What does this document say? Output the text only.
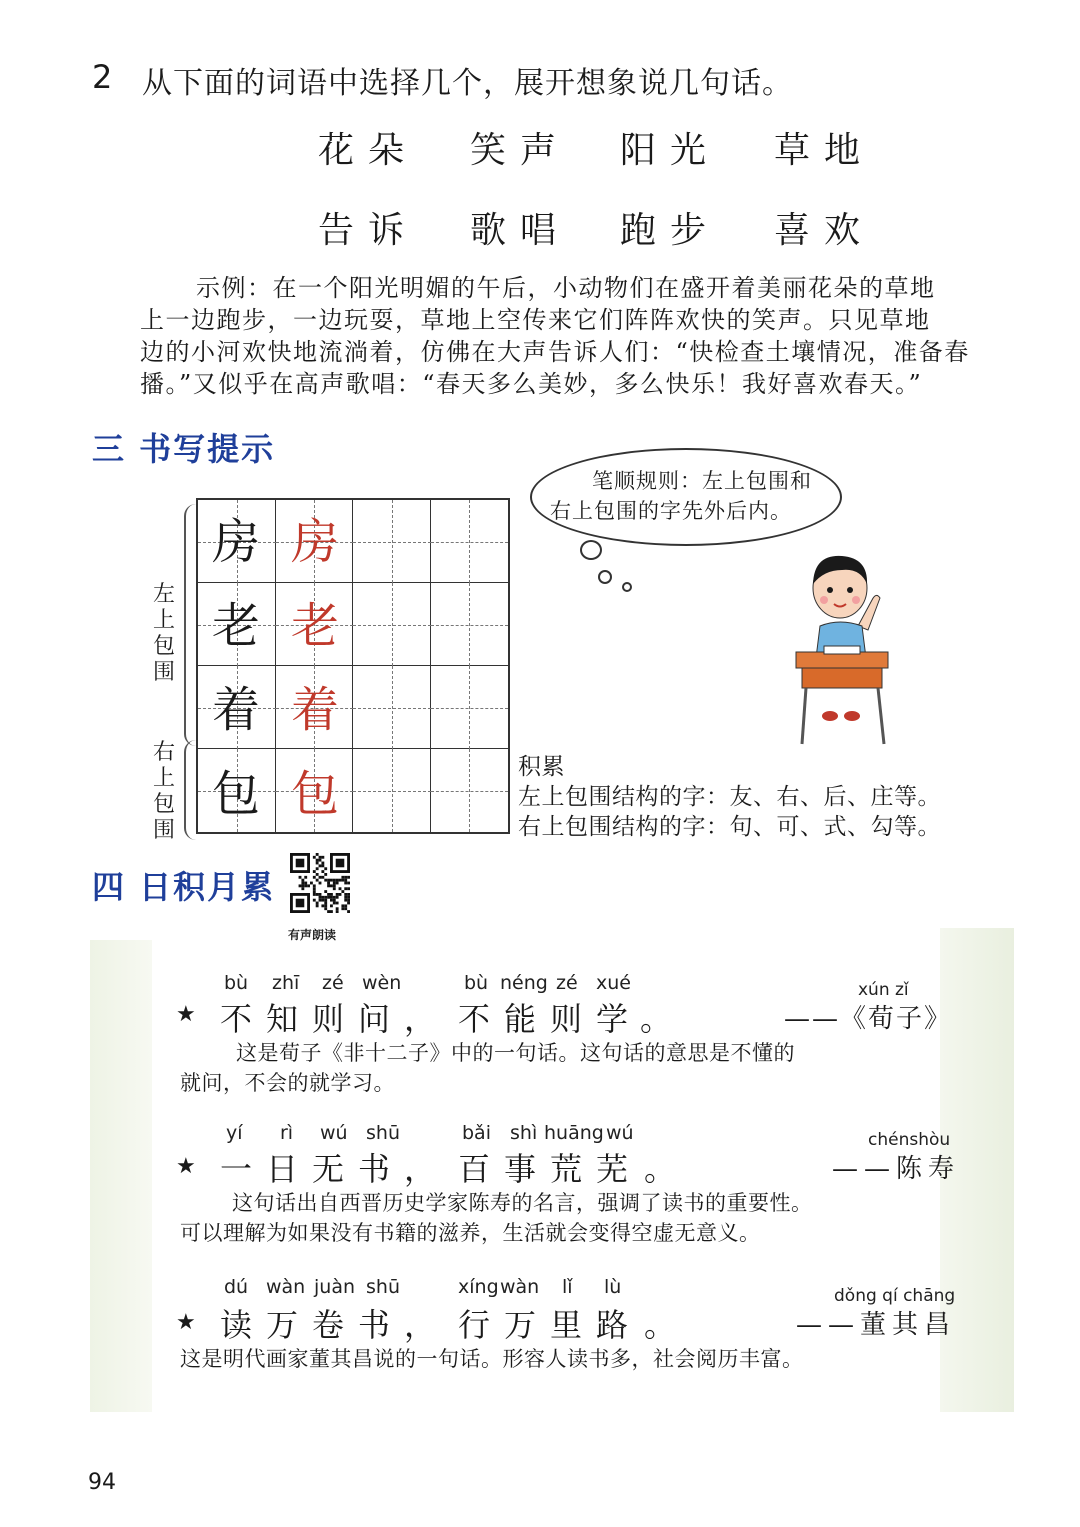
2 从下面的词语中选择几个，展开想象说几句话。
花朵 笑声 阳光 草地
告诉 歌唱 跑步 喜欢
示例：在一个阳光明媚的午后，小动物们在盛开着美丽花朵的草地
上一边跑步，一边玩耍，草地上空传来它们阵阵欢快的笑声。只见草地
边的小河欢快地流淌着，仿佛在大声告诉人们：“快检查土壤情况，准备春
播。”又似乎在高声歌唱：“春天多么美妙，多么快乐！我好喜欢春天。”
三 书写提示
左上包围
右上包围
房 房
老 老
着 着
包 包
笔顺规则：左上包围和
右上包围的字先外后内。
积累
左上包围结构的字：友、右、后、庄等。
右上包围结构的字：句、可、式、勾等。
四 日积月累
有声朗读
bù zhī zé wèn	bù néng zé xué	xún zǐ
★ 不知则问 ， 不能则学
。	——《荀子》
这是荀子《非十二子》中的一句话。这句话的意思是不懂的
就问，不会的就学习。
yí rì wú shū	bǎi shì huāng wú	chénshòu
★ 一日无书 ， 百事荒芜 。	——陈寿
这句话出自西晋历史学家陈寿的名言，强调了读书的重要性。
可以理解为如果没有书籍的滋养，生活就会变得空虚无意义。
dú wàn juàn shū	xíng wàn lǐ lù	dǒng qí chāng
★ 读万卷书 ， 行万里路 。	——董其昌
这是明代画家董其昌说的一句话。形容人读书多，社会阅历丰富。
94
